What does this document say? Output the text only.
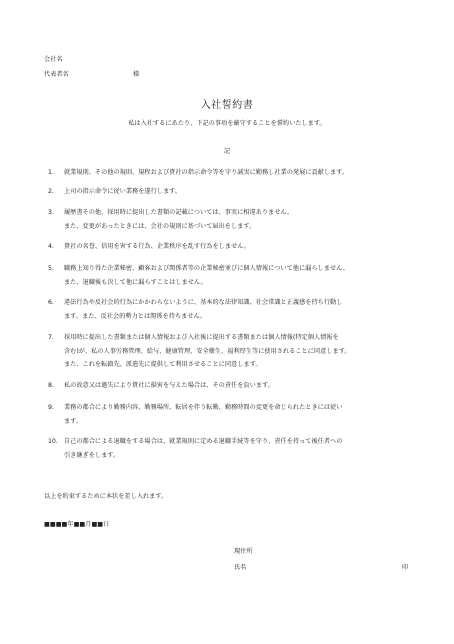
会社名
代表者名	様
入社誓約書
私は入社するにあたり、下記の事項を厳守することを誓約いたします。
記
1.	就業規則、その他の規則、規程および貴社の指示命令等を守り誠実に勤務し社業の発展に貢献します。
2.	上司の指示命令に従い業務を遂行します。
3.	履歴書その他、採用時に提出した書類の記載については、事実に相違ありません。
また、変更があったときには、会社の規則に基づいて届出をします。
4.	貴社の名誉、信用を害する行為、企業秩序を乱す行為をしません。
5.	職務上知り得た企業秘密、顧客および関係者等の企業秘密並びに個人情報について他に漏らしません。
また、退職後も決して他に漏らすことはしません。
6.	違法行為や反社会的行為にかかわらないように、基本的な法律知識、社会常識と正義感を持ち行動し
ます。また、反社会的勢力とは関係を持ちません。
7.	採用時に提出した書類または個人情報および入社後に提出する書類または個人情報(特定個人情報を
含む)が、私の人事労務管理、給与、健康管理、安全衛生、福利厚生等に使用されることに同意します。
また、これを転籍先、派遣先に提供して利用させることに同意します。
8.	私の故意又は過失により貴社に損害を与えた場合は、その責任を負います。
9.	業務の都合により勤務内容、勤務場所、転居を伴う転勤、勤務時間の変更を命じられたときには従い
ます。
10. 自己の都合による退職をする場合は、就業規則に定める退職手続等を守り、責任を持って後任者への
引き継ぎをします。
以上を約束するために本状を差し入れます。
■■■■年■■月■■日
現住所
氏名	印
